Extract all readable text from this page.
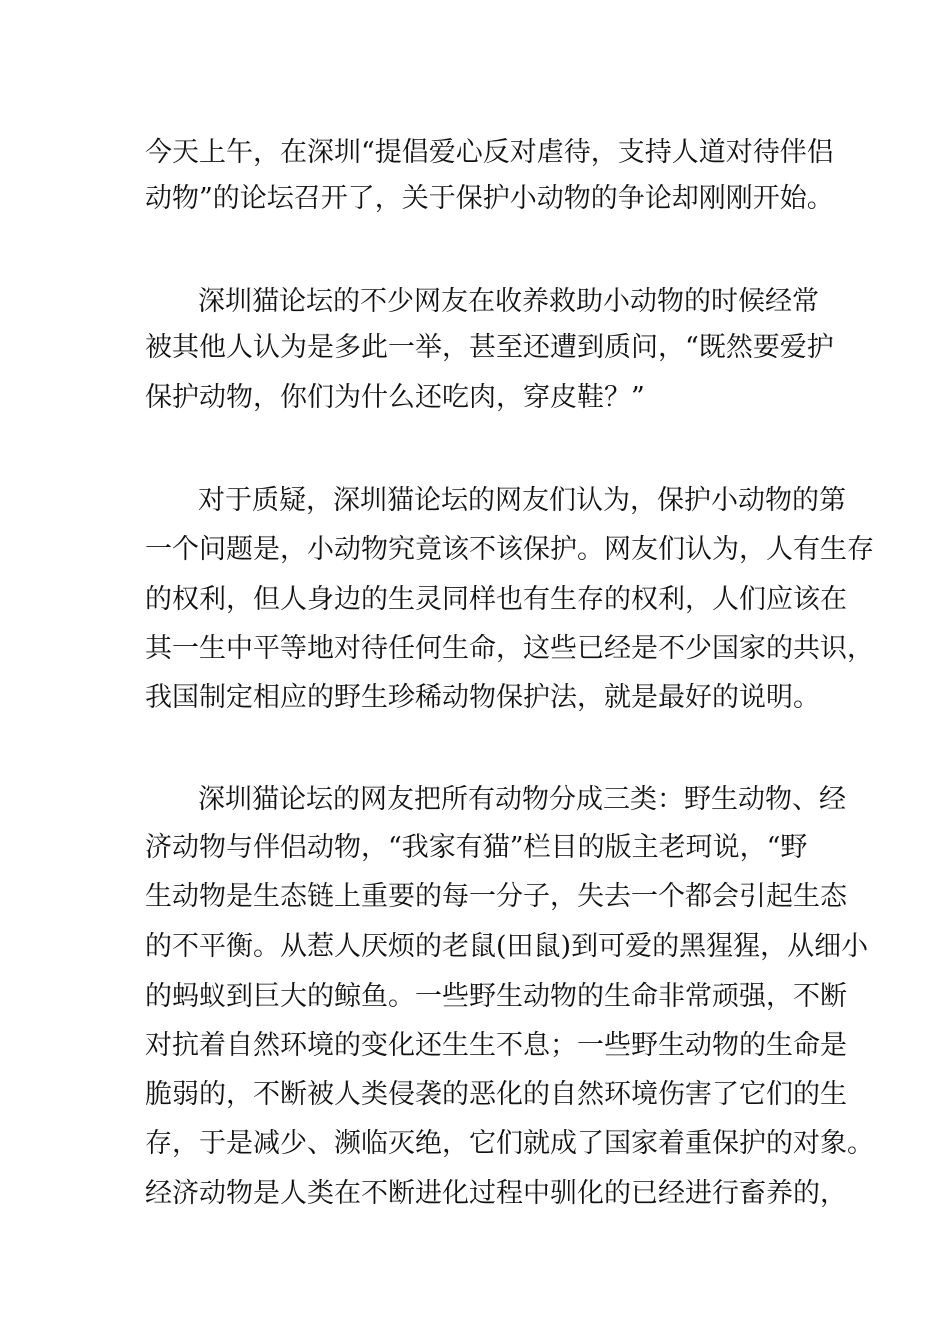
今天上午，在深圳“提倡爱心反对虐待，支持人道对待伴侣
动物”的论坛召开了，关于保护小动物的争论却刚刚开始。
深圳猫论坛的不少网友在收养救助小动物的时候经常
被其他人认为是多此一举，甚至还遭到质问，“既然要爱护
保护动物，你们为什么还吃肉，穿皮鞋？”
对于质疑，深圳猫论坛的网友们认为，保护小动物的第
一个问题是，小动物究竟该不该保护。网友们认为，人有生存
的权利，但人身边的生灵同样也有生存的权利，人们应该在
其一生中平等地对待任何生命，这些已经是不少国家的共识，
我国制定相应的野生珍稀动物保护法，就是最好的说明。
深圳猫论坛的网友把所有动物分成三类：野生动物、经
济动物与伴侣动物，“我家有猫”栏目的版主老珂说，“野
生动物是生态链上重要的每一分子，失去一个都会引起生态
的不平衡。从惹人厌烦的老鼠(田鼠)到可爱的黑猩猩，从细小
的蚂蚁到巨大的鲸鱼。一些野生动物的生命非常顽强，不断
对抗着自然环境的变化还生生不息；一些野生动物的生命是
脆弱的，不断被人类侵袭的恶化的自然环境伤害了它们的生
存，于是减少、濒临灭绝，它们就成了国家着重保护的对象。
经济动物是人类在不断进化过程中驯化的已经进行畜养的，
